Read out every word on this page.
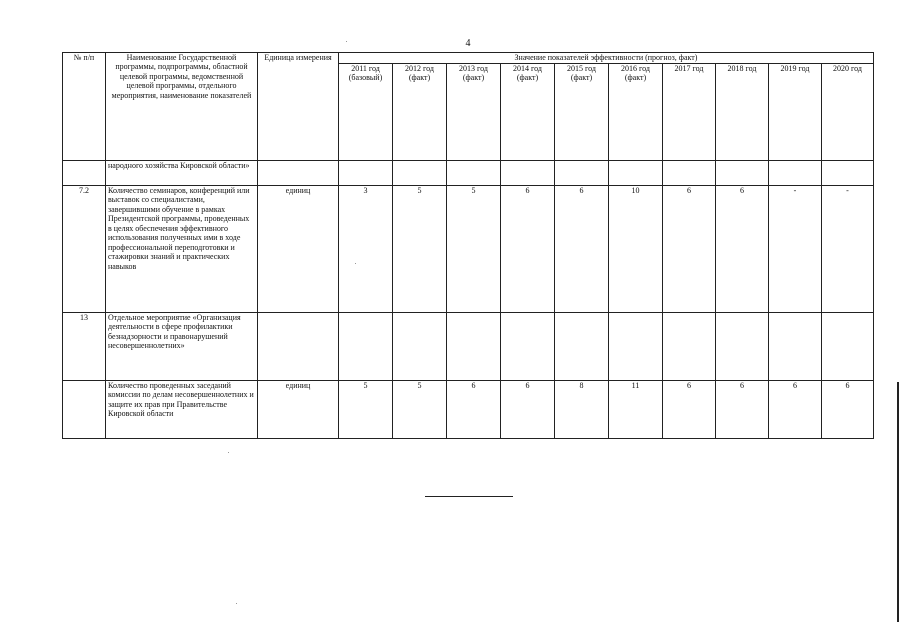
4
№ п/п	Наименование Государственной программы, подпрограммы, областной целевой программы, ведомственной целевой программы, отдельного мероприятия, наименование показателей	Единица измерения	Значение показателей эффективности (прогноз, факт)									
			2011 год (базовый)	2012 год (факт)	2013 год (факт)	2014 год (факт)	2015 год (факт)	2016 год (факт)	2017 год	2018 год	2019 год	2020 год
	народного хозяйства Кировской области»											
7.2	Количество семинаров, конференций или выставок со специалистами, завершившими обучение в рамках Президентской программы, проведенных в целях обеспечения эффективного использования полученных ими в ходе профессиональной переподготовки и стажировки знаний и практических навыков	единиц	3	5	5	6	6	10	6	6	-	-
13	Отдельное мероприятие «Организация деятельности в сфере профилактики безнадзорности и правонарушений несовершеннолетних»											
	Количество проведенных заседаний комиссии по делам несовершеннолетних и защите их прав при Правительстве Кировской области	единиц	5	5	6	6	8	11	6	6	6	6
